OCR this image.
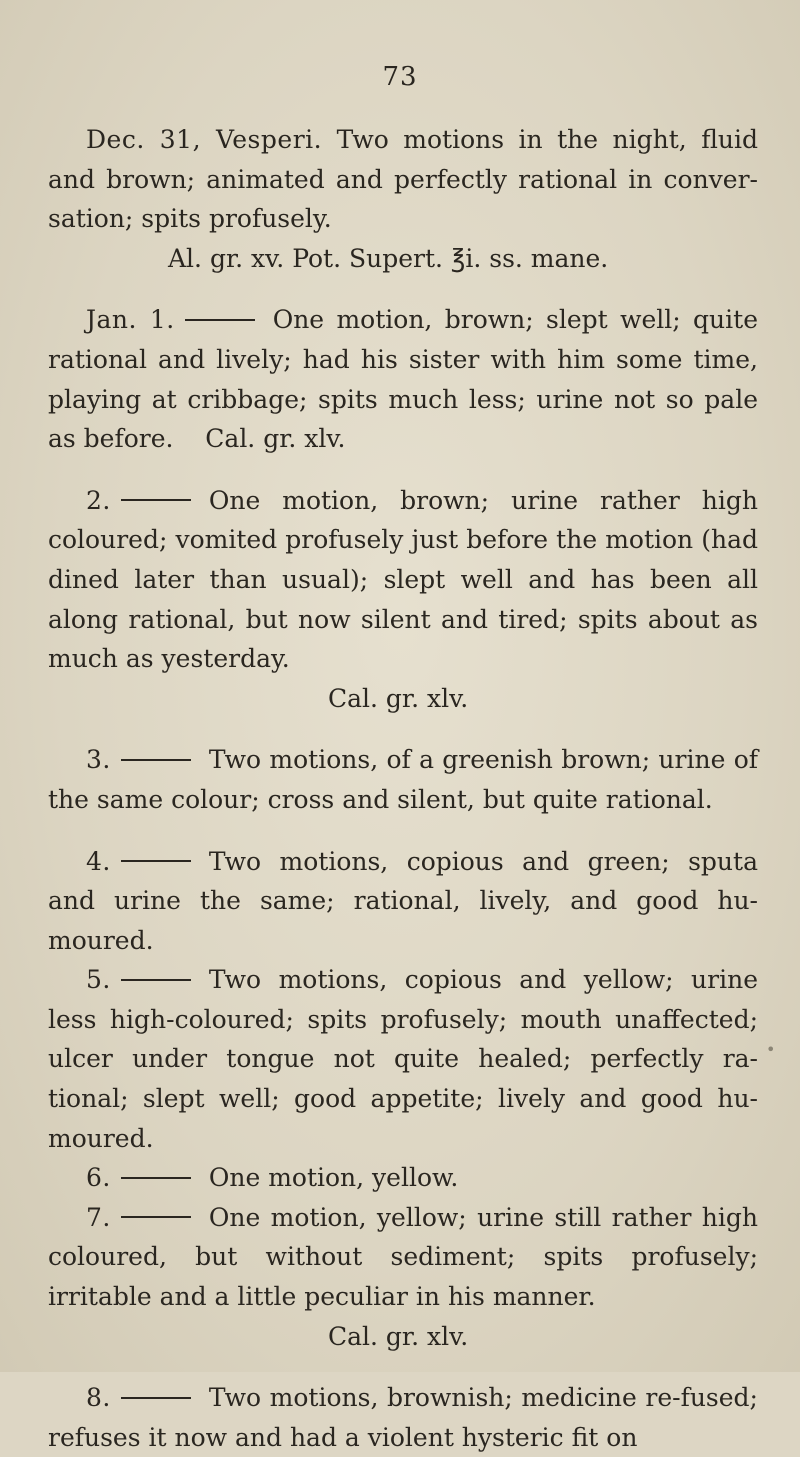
73

Dec. 31, Vesperi. Two motions in the night, fluid and brown; animated and perfectly rational in conver-sation; spits profusely.

Al. gr. xv. Pot. Supert. ℥i. ss. mane.

Jan. 1.	One motion, brown; slept well; quite rational and lively; had his sister with him some time, playing at cribbage; spits much less; urine not so pale as before. Cal. gr. xlv.

2.	One motion, brown; urine rather high coloured; vomited profusely just before the motion (had dined later than usual); slept well and has been all along rational, but now silent and tired; spits about as much as yesterday.

Cal. gr. xlv.

3.	Two motions, of a greenish brown; urine of the same colour; cross and silent, but quite rational.

4.	Two motions, copious and green; sputa and urine the same; rational, lively, and good hu-moured.

5.	Two motions, copious and yellow; urine less high-coloured; spits profusely; mouth unaffected; ulcer under tongue not quite healed; perfectly ra-tional; slept well; good appetite; lively and good hu-moured.

6.	One motion, yellow.

7.	One motion, yellow; urine still rather high coloured, but without sediment; spits profusely; irritable and a little peculiar in his manner.

Cal. gr. xlv.

8.	Two motions, brownish; medicine re-fused; refuses it now and had a violent hysteric fit on

•
